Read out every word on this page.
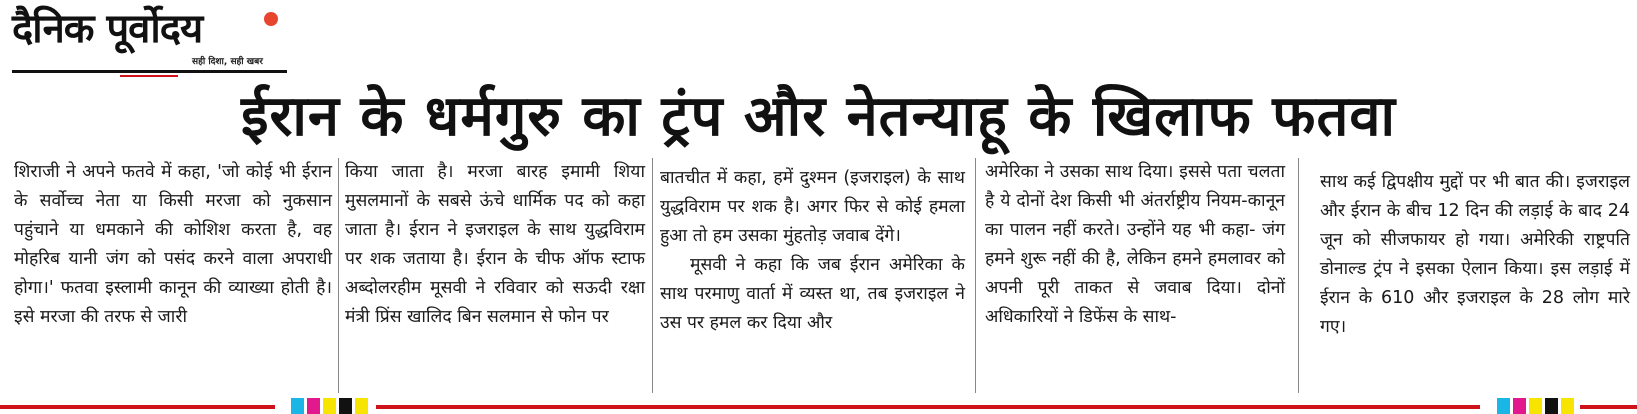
दैनिक पूर्वोदय
सही दिशा, सही खबर
ईरान के धर्मगुरु का ट्रंप और नेतन्याहू के खिलाफ फतवा

शिराजी ने अपने फतवे में कहा, 'जो कोई भी ईरान के सर्वोच्च नेता या किसी मरजा को नुकसान पहुंचाने या धमकाने की कोशिश करता है, वह मोहरिब यानी जंग को पसंद करने वाला अपराधी होगा।' फतवा इस्लामी कानून की व्याख्या होती है। इसे मरजा की तरफ से जारी

किया जाता है। मरजा बारह इमामी शिया मुसलमानों के सबसे ऊंचे धार्मिक पद को कहा जाता है। ईरान ने इजराइल के साथ युद्धविराम पर शक जताया है। ईरान के चीफ ऑफ स्टाफ अब्दोलरहीम मूसवी ने रविवार को सऊदी रक्षा मंत्री प्रिंस खालिद बिन सलमान से फोन पर

बातचीत में कहा, हमें दुश्मन (इजराइल) के साथ युद्धविराम पर शक है। अगर फिर से कोई हमला हुआ तो हम उसका मुंहतोड़ जवाब देंगे।

मूसवी ने कहा कि जब ईरान अमेरिका के साथ परमाणु वार्ता में व्यस्त था, तब इजराइल ने उस पर हमल कर दिया और

अमेरिका ने उसका साथ दिया। इससे पता चलता है ये दोनों देश किसी भी अंतर्राष्ट्रीय नियम-कानून का पालन नहीं करते। उन्होंने यह भी कहा- जंग हमने शुरू नहीं की है, लेकिन हमने हमलावर को अपनी पूरी ताकत से जवाब दिया। दोनों अधिकारियों ने डिफेंस के साथ-

साथ कई द्विपक्षीय मुद्दों पर भी बात की। इजराइल और ईरान के बीच 12 दिन की लड़ाई के बाद 24 जून को सीजफायर हो गया। अमेरिकी राष्ट्रपति डोनाल्ड ट्रंप ने इसका ऐलान किया। इस लड़ाई में ईरान के 610 और इजराइल के 28 लोग मारे गए।
